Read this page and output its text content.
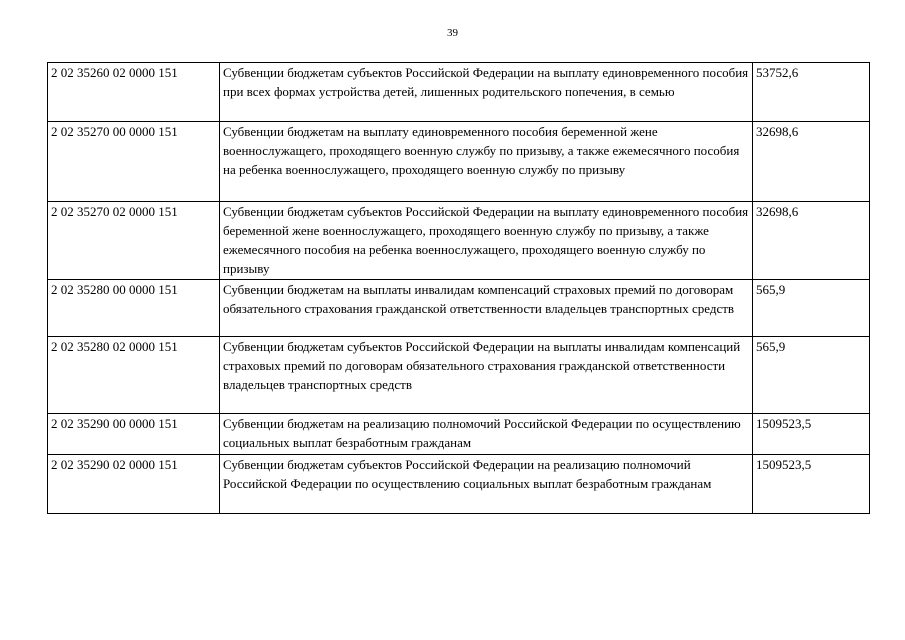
39
2 02 35260 02 0000 151	Субвенции бюджетам субъектов Российской Федерации на выплату единовременного пособия при всех формах устройства детей, лишенных родительского попечения, в семью	53752,6
2 02 35270 00 0000 151	Субвенции бюджетам на выплату единовременного пособия беременной жене военнослужащего, проходящего военную службу по призыву, а также ежемесячного пособия на ребенка военнослужащего, проходящего военную службу по призыву	32698,6
2 02 35270 02 0000 151	Субвенции бюджетам субъектов Российской Федерации на выплату единовременного пособия беременной жене военнослужащего, проходящего военную службу по призыву, а также ежемесячного пособия на ребенка военнослужащего, проходящего военную службу по призыву	32698,6
2 02 35280 00 0000 151	Субвенции бюджетам на выплаты инвалидам компенсаций страховых премий по договорам обязательного страхования гражданской ответственности владельцев транспортных средств	565,9
2 02 35280 02 0000 151	Субвенции бюджетам субъектов Российской Федерации на выплаты инвалидам компенсаций страховых премий по договорам обязательного страхования гражданской ответственности владельцев транспортных средств	565,9
2 02 35290 00 0000 151	Субвенции бюджетам на реализацию полномочий Российской Федерации по осуществлению социальных выплат безработным гражданам	1509523,5
2 02 35290 02 0000 151	Субвенции бюджетам субъектов Российской Федерации на реализацию полномочий Российской Федерации по осуществлению социальных выплат безработным гражданам	1509523,5
